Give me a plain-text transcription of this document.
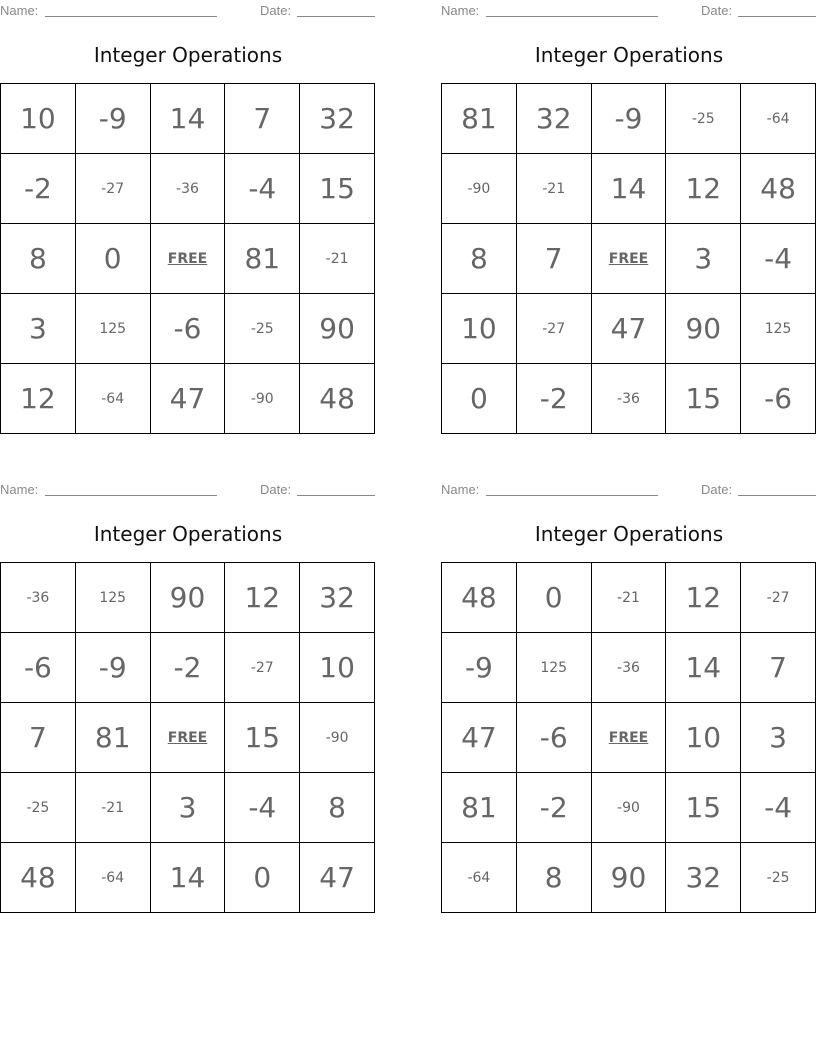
Name:	Date:
Integer Operations
10	-9	14	7	32
-2	-27	-36	-4	15
8	0	FREE	81	-21
3	125	-6	-25	90
12	-64	47	-90	48
Name:	Date:
Integer Operations
81	32	-9	-25	-64
-90	-21	14	12	48
8	7	FREE	3	-4
10	-27	47	90	125
0	-2	-36	15	-6
Name:	Date:
Integer Operations
-36	125	90	12	32
-6	-9	-2	-27	10
7	81	FREE	15	-90
-25	-21	3	-4	8
48	-64	14	0	47
Name:	Date:
Integer Operations
48	0	-21	12	-27
-9	125	-36	14	7
47	-6	FREE	10	3
81	-2	-90	15	-4
-64	8	90	32	-25
